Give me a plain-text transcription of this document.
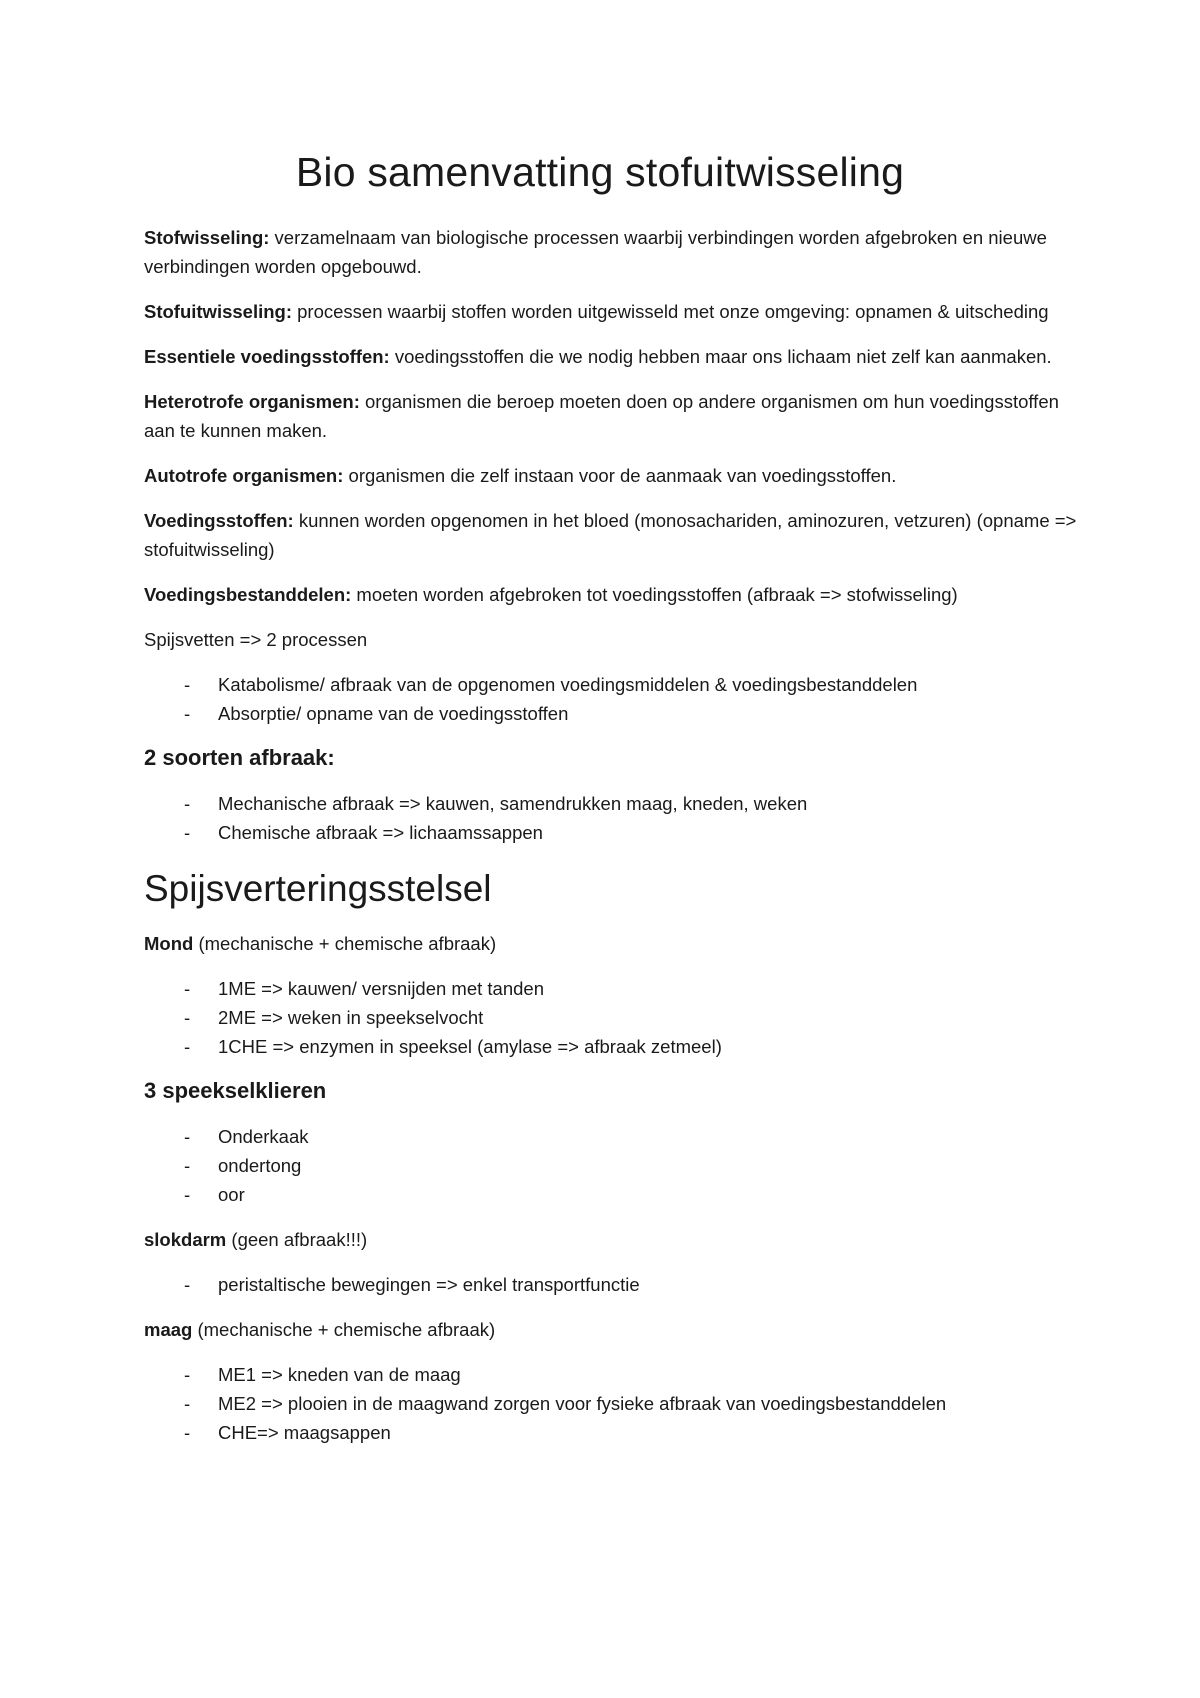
Bio samenvatting stofuitwisseling

Stofwisseling: verzamelnaam van biologische processen waarbij verbindingen worden afgebroken en nieuwe verbindingen worden opgebouwd.

Stofuitwisseling: processen waarbij stoffen worden uitgewisseld met onze omgeving: opnamen & uitscheding

Essentiele voedingsstoffen: voedingsstoffen die we nodig hebben maar ons lichaam niet zelf kan aanmaken.

Heterotrofe organismen: organismen die beroep moeten doen op andere organismen om hun voedingsstoffen aan te kunnen maken.

Autotrofe organismen: organismen die zelf instaan voor de aanmaak van voedingsstoffen.

Voedingsstoffen: kunnen worden opgenomen in het bloed (monosachariden, aminozuren, vetzuren) (opname => stofuitwisseling)

Voedingsbestanddelen: moeten worden afgebroken tot voedingsstoffen (afbraak => stofwisseling)

Spijsvetten => 2 processen

- Katabolisme/ afbraak van de opgenomen voedingsmiddelen & voedingsbestanddelen
- Absorptie/ opname van de voedingsstoffen
2 soorten afbraak:
- Mechanische afbraak => kauwen, samendrukken maag, kneden, weken
- Chemische afbraak => lichaamssappen
Spijsverteringsstelsel

Mond (mechanische + chemische afbraak)

- 1ME => kauwen/ versnijden met tanden
- 2ME => weken in speekselvocht
- 1CHE => enzymen in speeksel (amylase => afbraak zetmeel)
3 speekselklieren
- Onderkaak
- ondertong
- oor

slokdarm (geen afbraak!!!)

- peristaltische bewegingen => enkel transportfunctie

maag (mechanische + chemische afbraak)

- ME1 => kneden van de maag
- ME2 => plooien in de maagwand zorgen voor fysieke afbraak van voedingsbestanddelen
- CHE=> maagsappen
